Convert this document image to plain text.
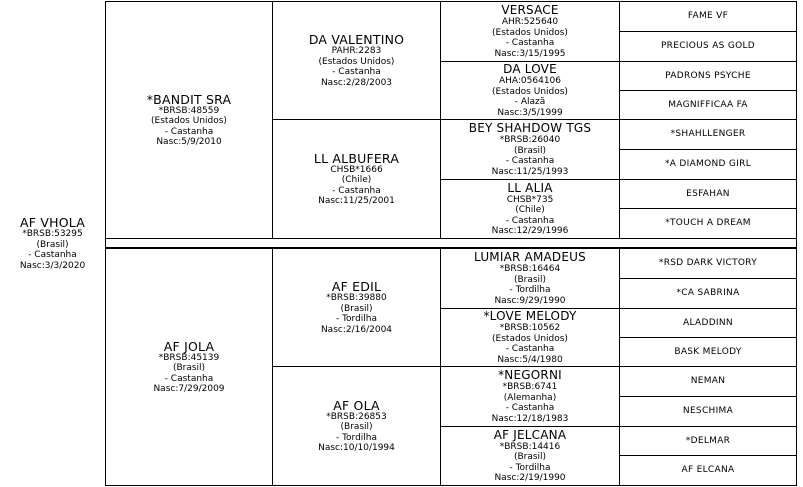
AF VHOLA
*BRSB:53295
(Brasil)
- Castanha
Nasc:3/3/2020
*BANDIT SRA
*BRSB:48559
(Estados Unidos)
- Castanha
Nasc:5/9/2010
AF JOLA
*BRSB:45139
(Brasil)
- Castanha
Nasc:7/29/2009
DA VALENTINO
PAHR:2283
(Estados Unidos)
- Castanha
Nasc:2/28/2003
LL ALBUFERA
CHSB*1666
(Chile)
- Castanha
Nasc:11/25/2001
AF EDIL
*BRSB:39880
(Brasil)
- Tordilha
Nasc:2/16/2004
AF OLA
*BRSB:26853
(Brasil)
- Tordilha
Nasc:10/10/1994
VERSACE
AHR:525640
(Estados Unidos)
- Castanha
Nasc:3/15/1995
DA LOVE
AHA:0564106
(Estados Unidos)
- Alazã
Nasc:3/5/1999
BEY SHAHDOW TGS
*BRSB:26040
(Brasil)
- Castanha
Nasc:11/25/1993
LL ALIA
CHSB*735
(Chile)
- Castanha
Nasc:12/29/1996
LUMIAR AMADEUS
*BRSB:16464
(Brasil)
- Tordilha
Nasc:9/29/1990
*LOVE MELODY
*BRSB:10562
(Estados Unidos)
- Castanha
Nasc:5/4/1980
*NEGORNI
*BRSB:6741
(Alemanha)
- Castanha
Nasc:12/18/1983
AF JELCANA
*BRSB:14416
(Brasil)
- Tordilha
Nasc:2/19/1990
FAME VF
PRECIOUS AS GOLD
PADRONS PSYCHE
MAGNIFFICAA FA
*SHAHLLENGER
*A DIAMOND GIRL
ESFAHAN
*TOUCH A DREAM
*RSD DARK VICTORY
*CA SABRINA
ALADDINN
BASK MELODY
NEMAN
NESCHIMA
*DELMAR
AF ELCANA
